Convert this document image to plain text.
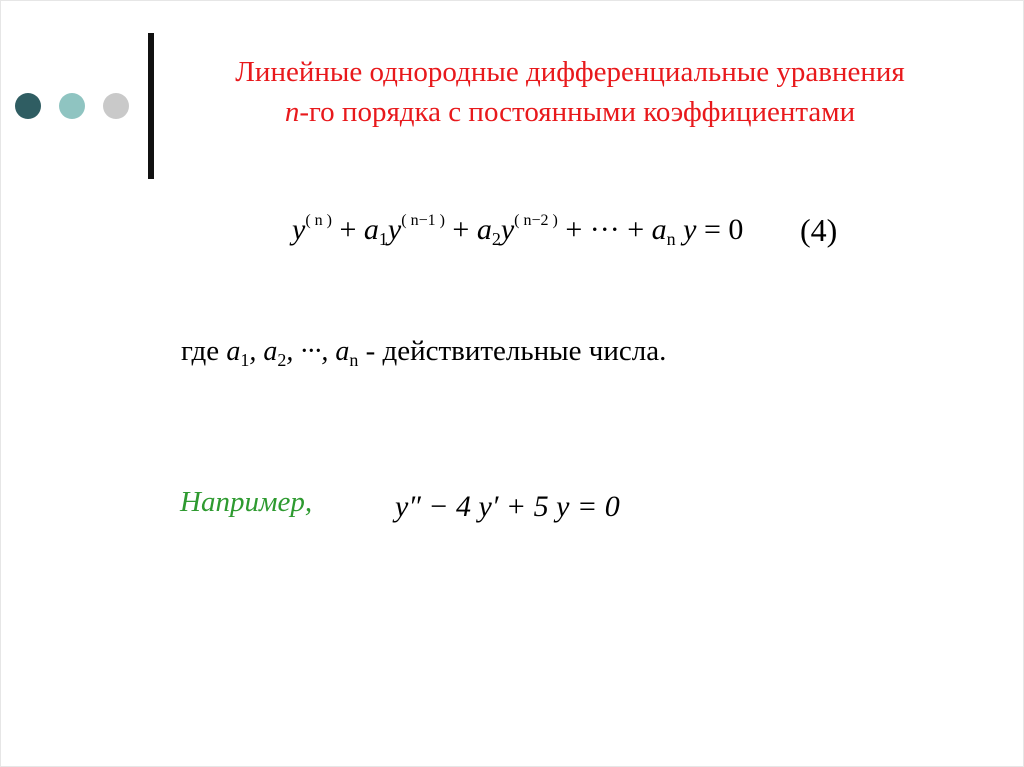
Линейные однородные дифференциальные уравнения n-го порядка с постоянными коэффициентами
$y^{( n )} + a_1y^{( n-1 )} + a_2y^{( n-2 )}$ + ··· + $a_n$ y = 0 (4)
где $a_1$, $a_2$, ···, $a_n$ - действительные числа.
Например,	y″ − 4 y′ + 5 y = 0
